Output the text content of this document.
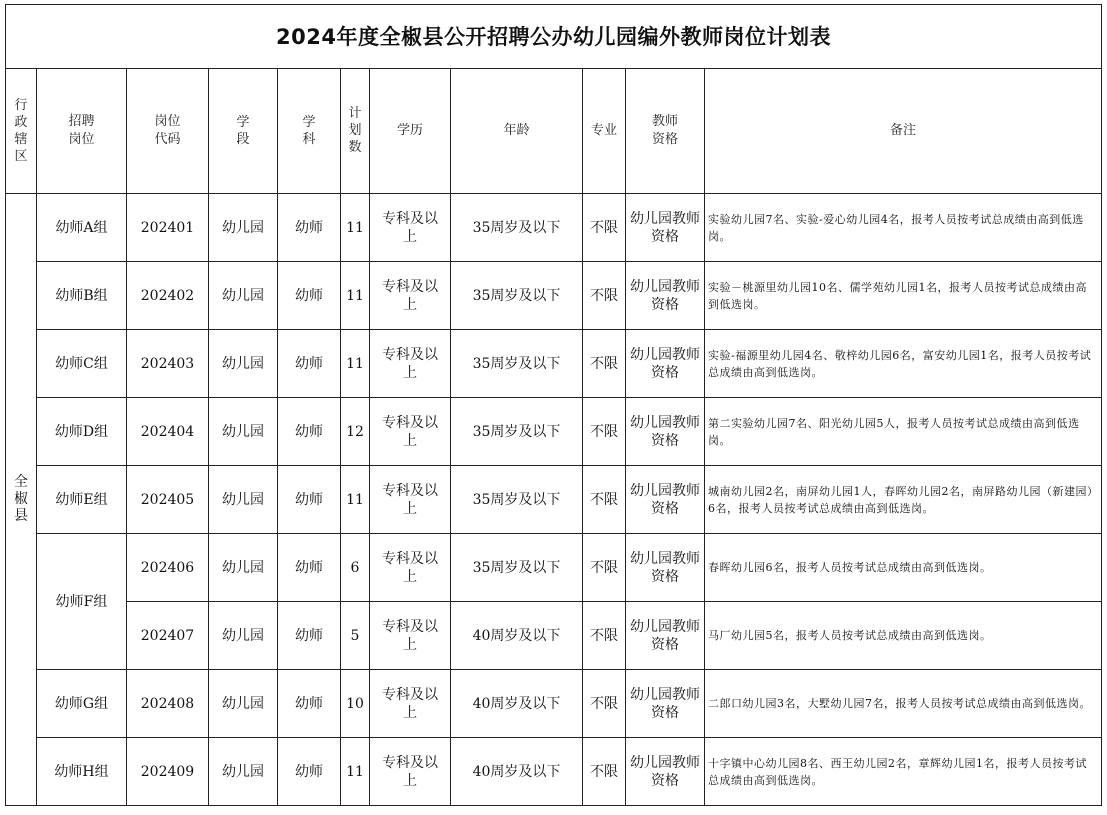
2024年度全椒县公开招聘公办幼儿园编外教师岗位计划表										
行政辖区	招聘岗位	岗位代码	学段	学科	计划数	学历	年龄	专业	教师资格	备注
全椒县	幼师A组	202401	幼儿园	幼师	11	专科及以上	35周岁及以下	不限	幼儿园教师资格	实验幼儿园7名、实验-爱心幼儿园4名，报考人员按考试总成绩由高到低选岗。
	幼师B组	202402	幼儿园	幼师	11	专科及以上	35周岁及以下	不限	幼儿园教师资格	实验－桃源里幼儿园10名、儒学苑幼儿园1名，报考人员按考试总成绩由高到低选岗。
	幼师C组	202403	幼儿园	幼师	11	专科及以上	35周岁及以下	不限	幼儿园教师资格	实验-福源里幼儿园4名、敬梓幼儿园6名，富安幼儿园1名，报考人员按考试总成绩由高到低选岗。
	幼师D组	202404	幼儿园	幼师	12	专科及以上	35周岁及以下	不限	幼儿园教师资格	第二实验幼儿园7名、阳光幼儿园5人，报考人员按考试总成绩由高到低选岗。
	幼师E组	202405	幼儿园	幼师	11	专科及以上	35周岁及以下	不限	幼儿园教师资格	城南幼儿园2名，南屏幼儿园1人，春晖幼儿园2名，南屏路幼儿园（新建园）6名，报考人员按考试总成绩由高到低选岗。
	幼师F组	202406	幼儿园	幼师	6	专科及以上	35周岁及以下	不限	幼儿园教师资格	春晖幼儿园6名，报考人员按考试总成绩由高到低选岗。
		202407	幼儿园	幼师	5	专科及以上	40周岁及以下	不限	幼儿园教师资格	马厂幼儿园5名，报考人员按考试总成绩由高到低选岗。
	幼师G组	202408	幼儿园	幼师	10	专科及以上	40周岁及以下	不限	幼儿园教师资格	二郎口幼儿园3名，大墅幼儿园7名，报考人员按考试总成绩由高到低选岗。
	幼师H组	202409	幼儿园	幼师	11	专科及以上	40周岁及以下	不限	幼儿园教师资格	十字镇中心幼儿园8名、西王幼儿园2名，章辉幼儿园1名，报考人员按考试总成绩由高到低选岗。
